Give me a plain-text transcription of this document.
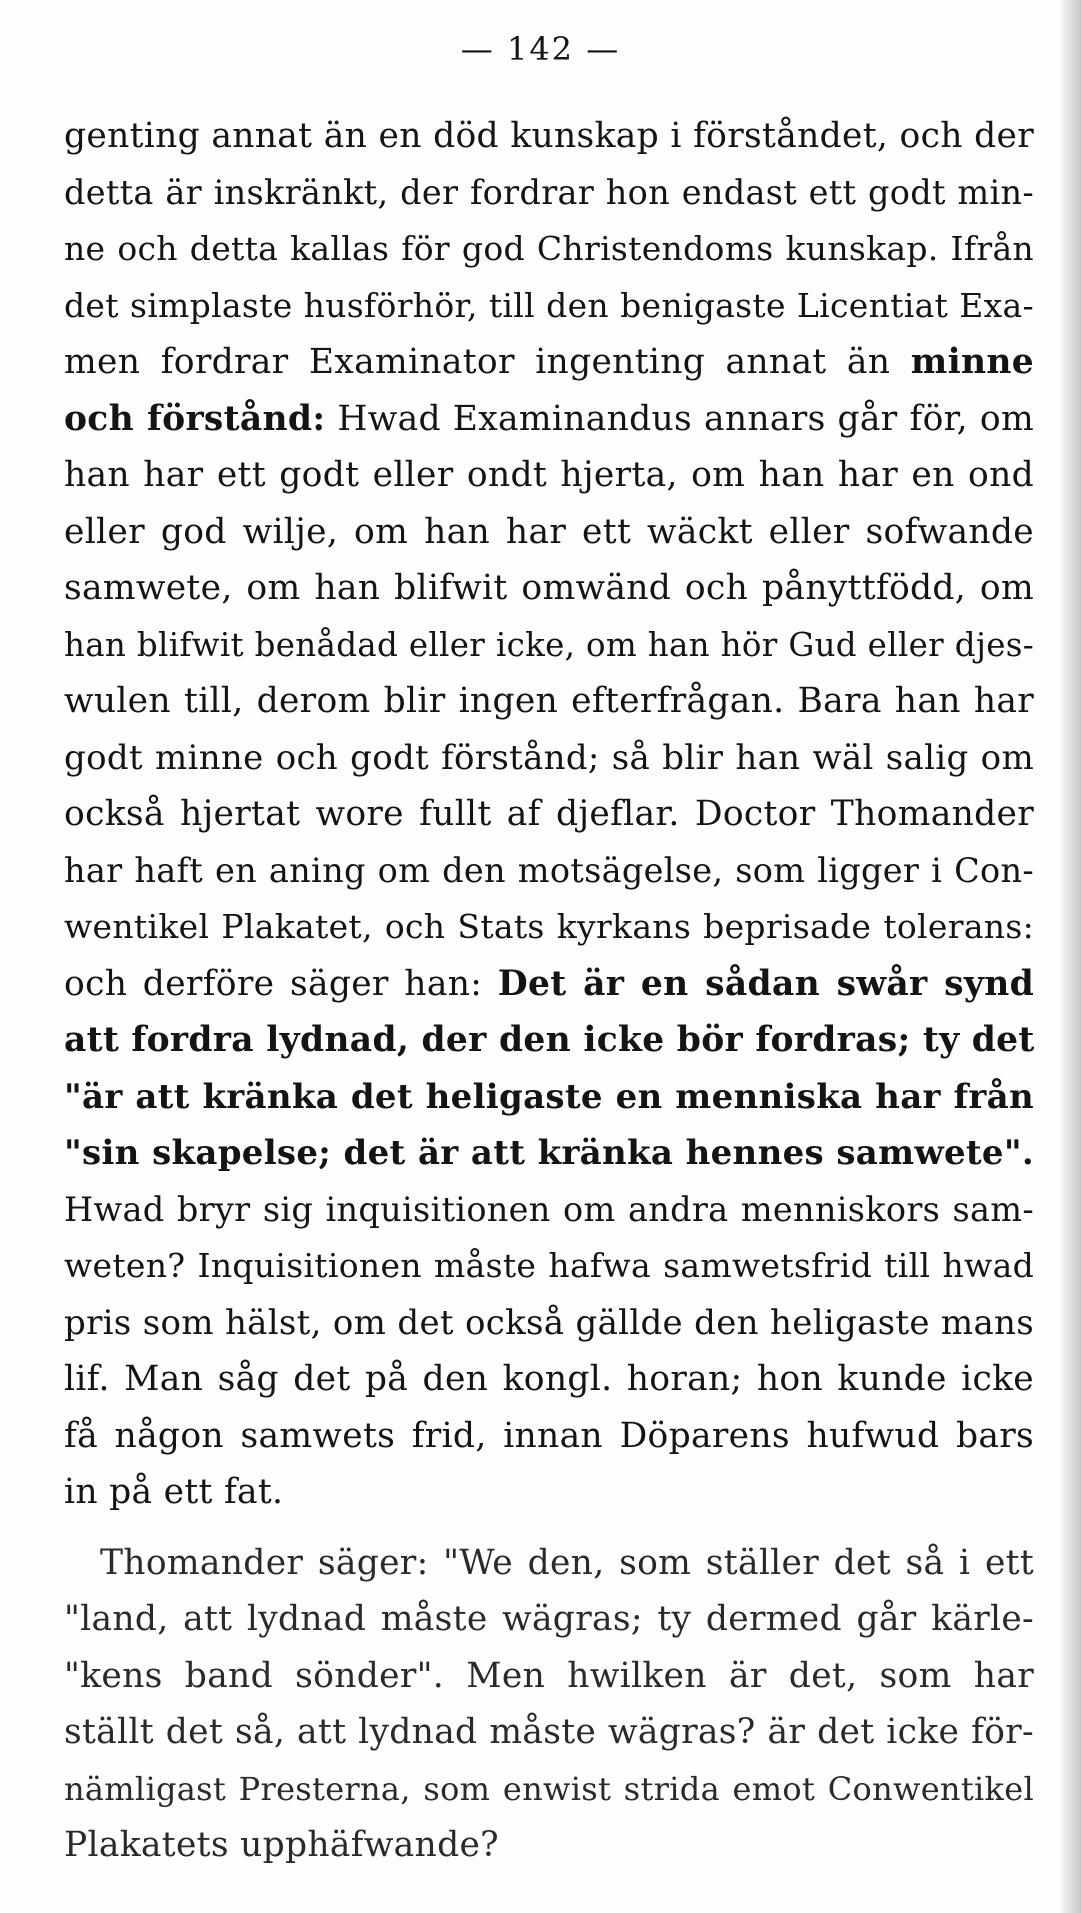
— 142 —
genting annat än en död kunskap i förståndet, och der
detta är inskränkt, der fordrar hon endast ett godt min-
ne och detta kallas för god Christendoms kunskap. Ifrån
det simplaste husförhör, till den benigaste Licentiat Exa-
men fordrar Examinator ingenting annat än minne
och förstånd: Hwad Examinandus annars går för, om
han har ett godt eller ondt hjerta, om han har en ond
eller god wilje, om han har ett wäckt eller sofwande
samwete, om han blifwit omwänd och pånyttfödd, om
han blifwit benådad eller icke, om han hör Gud eller djes-
wulen till, derom blir ingen efterfrågan. Bara han har
godt minne och godt förstånd; så blir han wäl salig om
också hjertat wore fullt af djeflar. Doctor Thomander
har haft en aning om den motsägelse, som ligger i Con-
wentikel Plakatet, och Stats kyrkans beprisade tolerans:
och derföre säger han: Det är en sådan swår synd
att fordra lydnad, der den icke bör fordras; ty det
"är att kränka det heligaste en menniska har från
"sin skapelse; det är att kränka hennes samwete".
Hwad bryr sig inquisitionen om andra menniskors sam-
weten? Inquisitionen måste hafwa samwetsfrid till hwad
pris som hälst, om det också gällde den heligaste mans
lif. Man såg det på den kongl. horan; hon kunde icke
få någon samwets frid, innan Döparens hufwud bars
in på ett fat.
Thomander säger: "We den, som ställer det så i ett
"land, att lydnad måste wägras; ty dermed går kärle-
"kens band sönder". Men hwilken är det, som har
ställt det så, att lydnad måste wägras? är det icke för-
nämligast Presterna, som enwist strida emot Conwentikel
Plakatets upphäfwande?
